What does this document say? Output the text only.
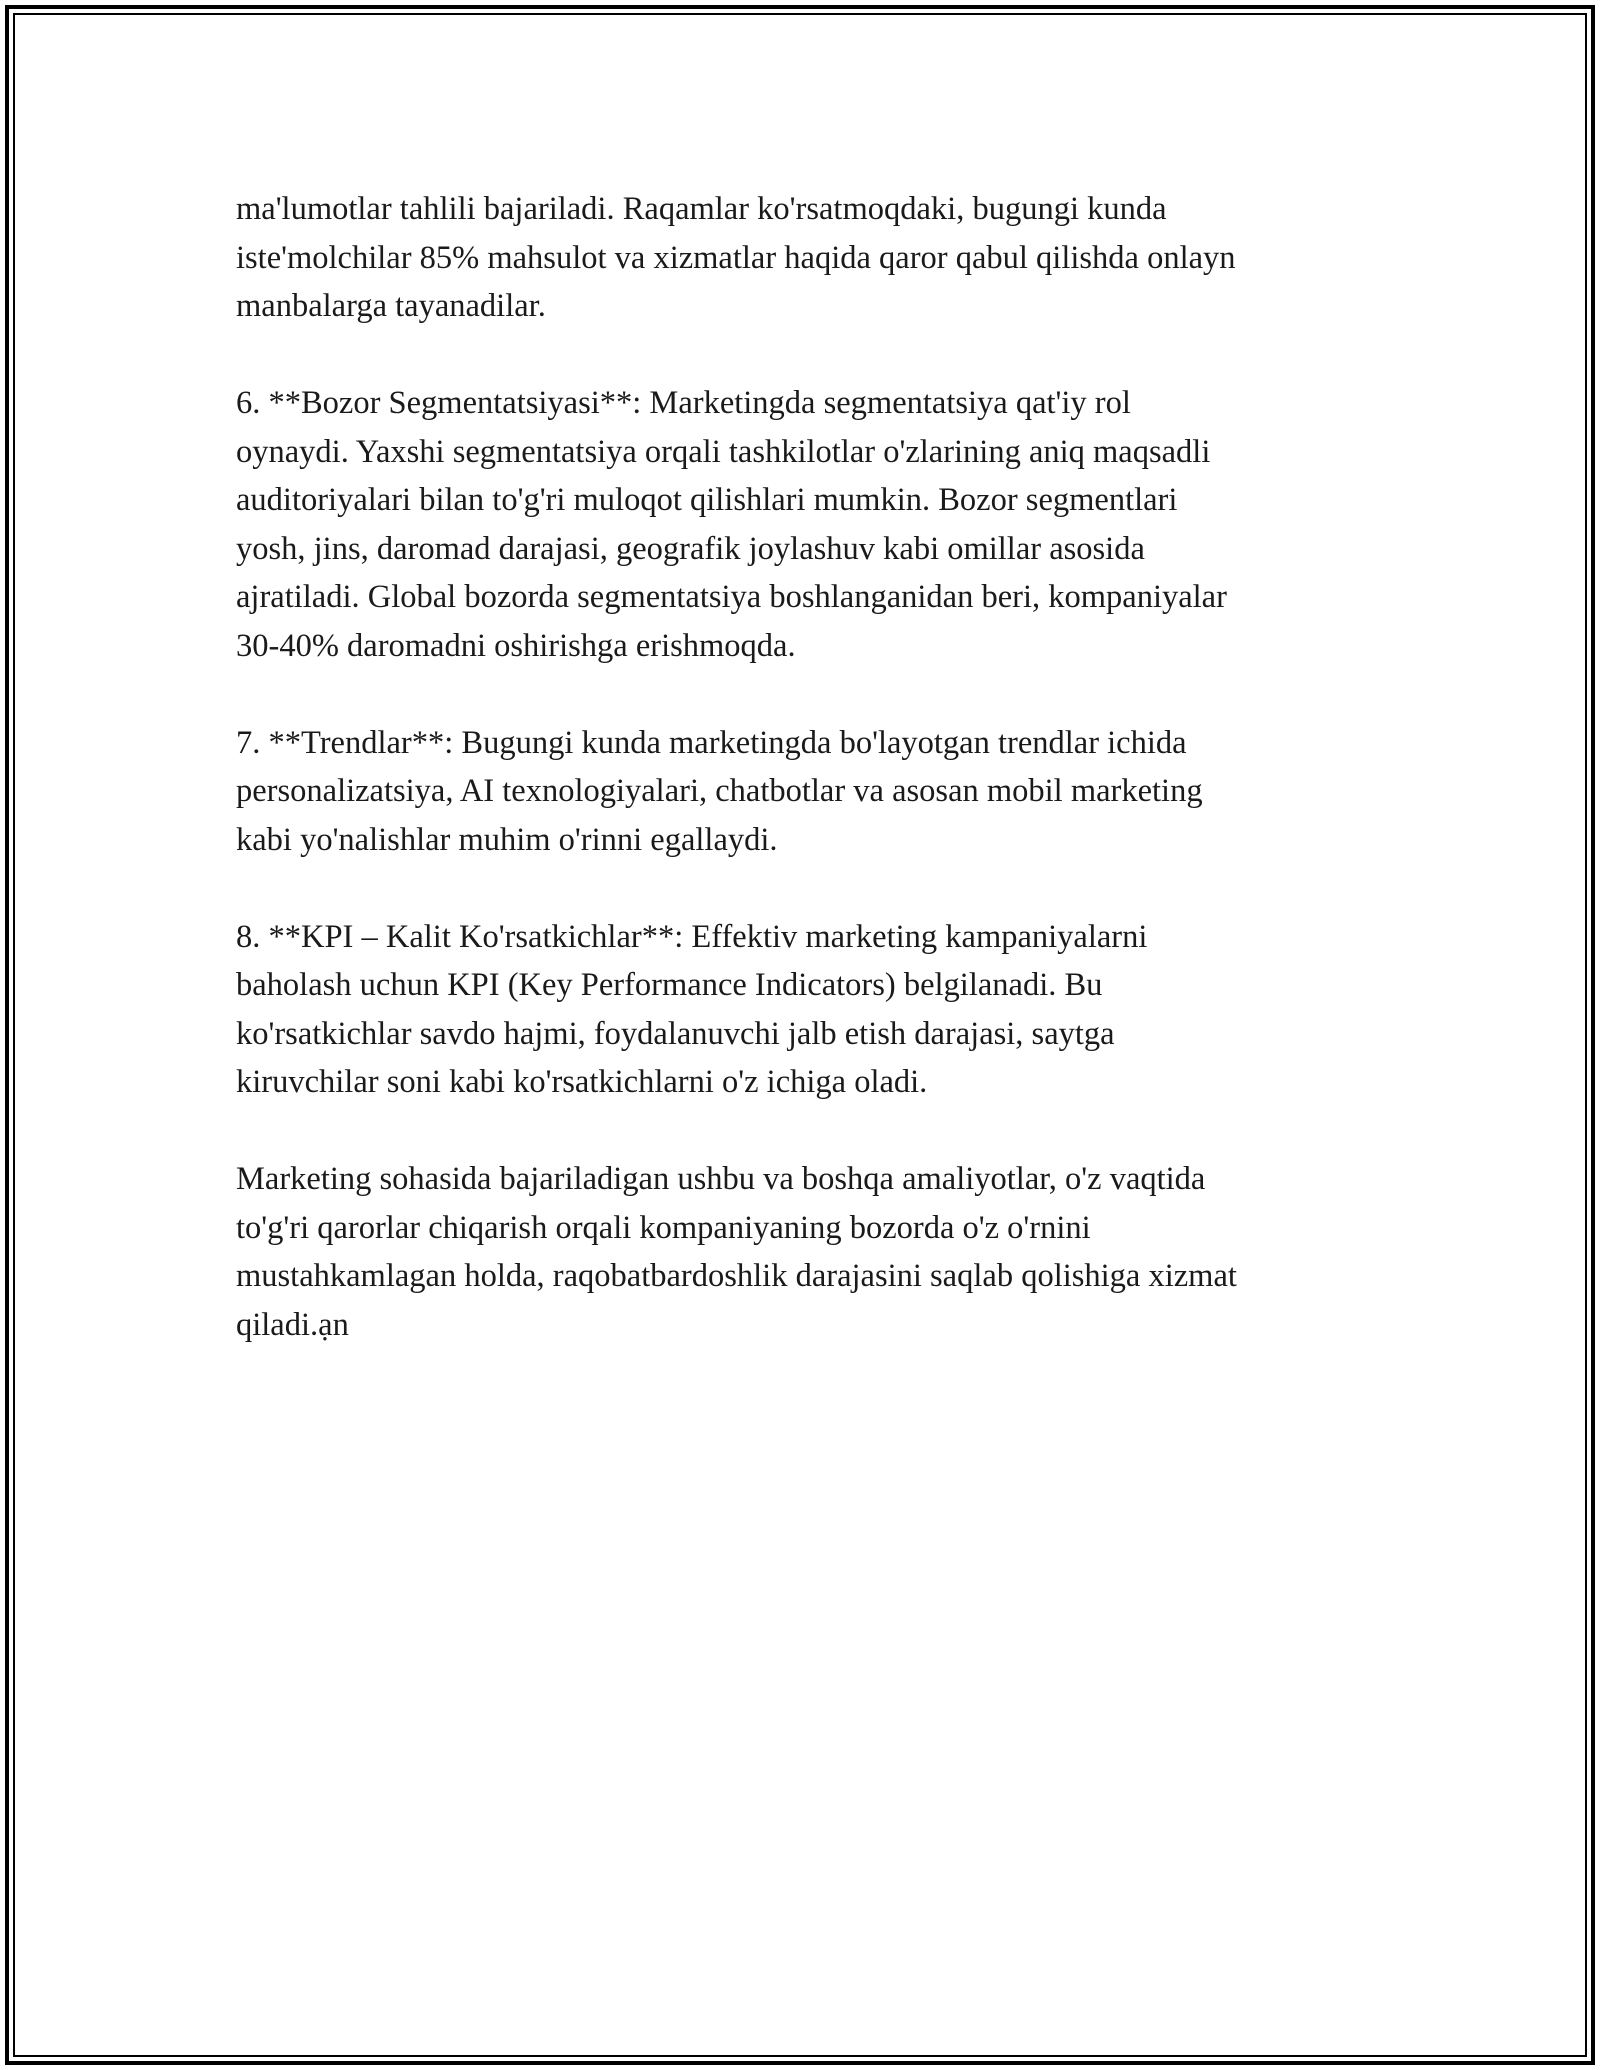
ma'lumotlar tahlili bajariladi. Raqamlar ko'rsatmoqdaki, bugungi kunda
iste'molchilar 85% mahsulot va xizmatlar haqida qaror qabul qilishda onlayn
manbalarga tayanadilar.

6. **Bozor Segmentatsiyasi**: Marketingda segmentatsiya qat'iy rol
oynaydi. Yaxshi segmentatsiya orqali tashkilotlar o'zlarining aniq maqsadli
auditoriyalari bilan to'g'ri muloqot qilishlari mumkin. Bozor segmentlari
yosh, jins, daromad darajasi, geografik joylashuv kabi omillar asosida
ajratiladi. Global bozorda segmentatsiya boshlanganidan beri, kompaniyalar
30-40% daromadni oshirishga erishmoqda.

7. **Trendlar**: Bugungi kunda marketingda bo'layotgan trendlar ichida
personalizatsiya, AI texnologiyalari, chatbotlar va asosan mobil marketing
kabi yo'nalishlar muhim o'rinni egallaydi.

8. **KPI – Kalit Ko'rsatkichlar**: Effektiv marketing kampaniyalarni
baholash uchun KPI (Key Performance Indicators) belgilanadi. Bu
ko'rsatkichlar savdo hajmi, foydalanuvchi jalb etish darajasi, saytga
kiruvchilar soni kabi ko'rsatkichlarni o'z ichiga oladi.

Marketing sohasida bajariladigan ushbu va boshqa amaliyotlar, o'z vaqtida
to'g'ri qarorlar chiqarish orqali kompaniyaning bozorda o'z o'rnini
mustahkamlagan holda, raqobatbardoshlik darajasini saqlab qolishiga xizmat
qiladi.ạn
